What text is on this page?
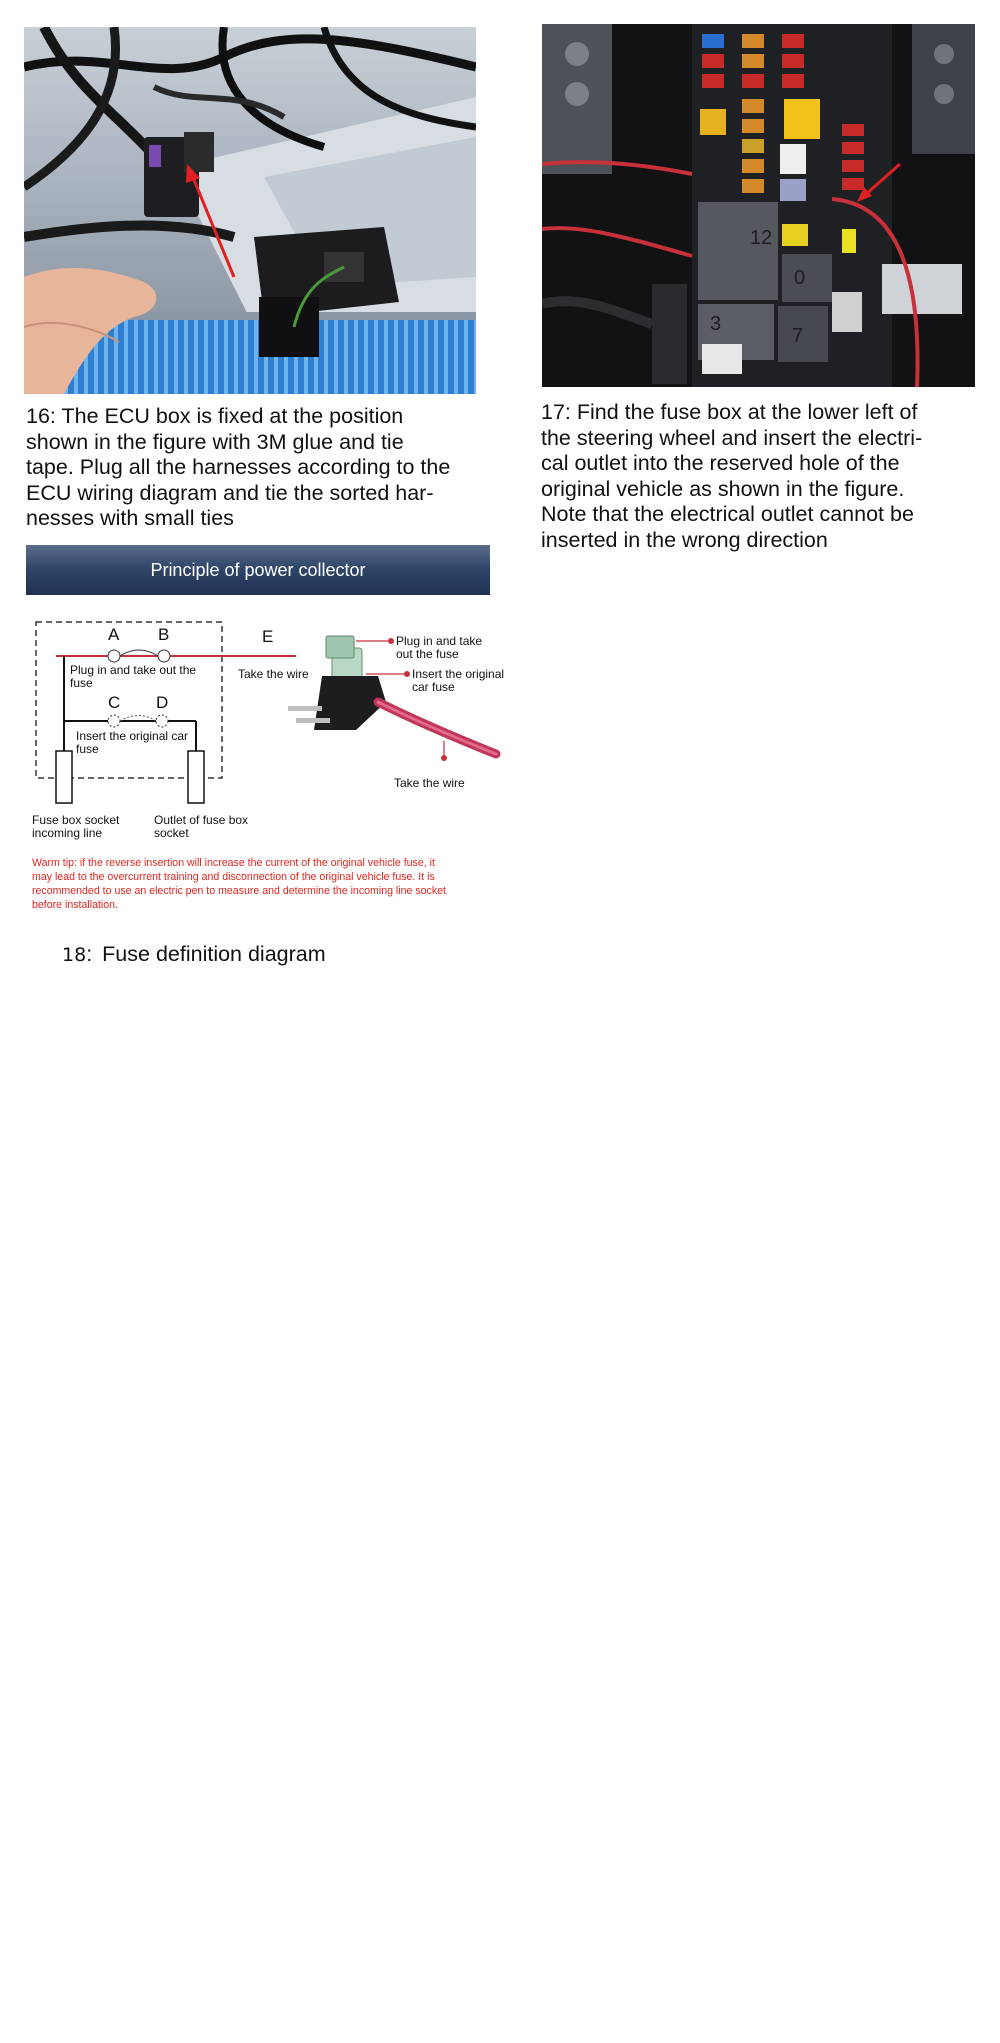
12
0
3
7
16: The ECU box is fixed at the position
shown in the figure with 3M glue and tie
tape. Plug all the harnesses according to the
ECU wiring diagram and tie the sorted har-
nesses with small ties
17: Find the fuse box at the lower left of
the steering wheel and insert the electri-
cal outlet into the reserved hole of the
original vehicle as shown in the figure.
Note that the electrical outlet cannot be
inserted in the wrong direction
Principle of power collector
A B
C D
E
Plug in and take out the
fuse
Insert the original car
fuse
Fuse box socket
incoming line
Outlet of fuse box
socket
Take the wire
Plug in and take
out the fuse
Insert the original
car fuse
Take the wire
Warm tip: if the reverse insertion will increase the current of the original vehicle fuse, it
may lead to the overcurrent training and disconnection of the original vehicle fuse. It is
recommended to use an electric pen to measure and determine the incoming line socket
before installation.
18: Fuse definition diagram
